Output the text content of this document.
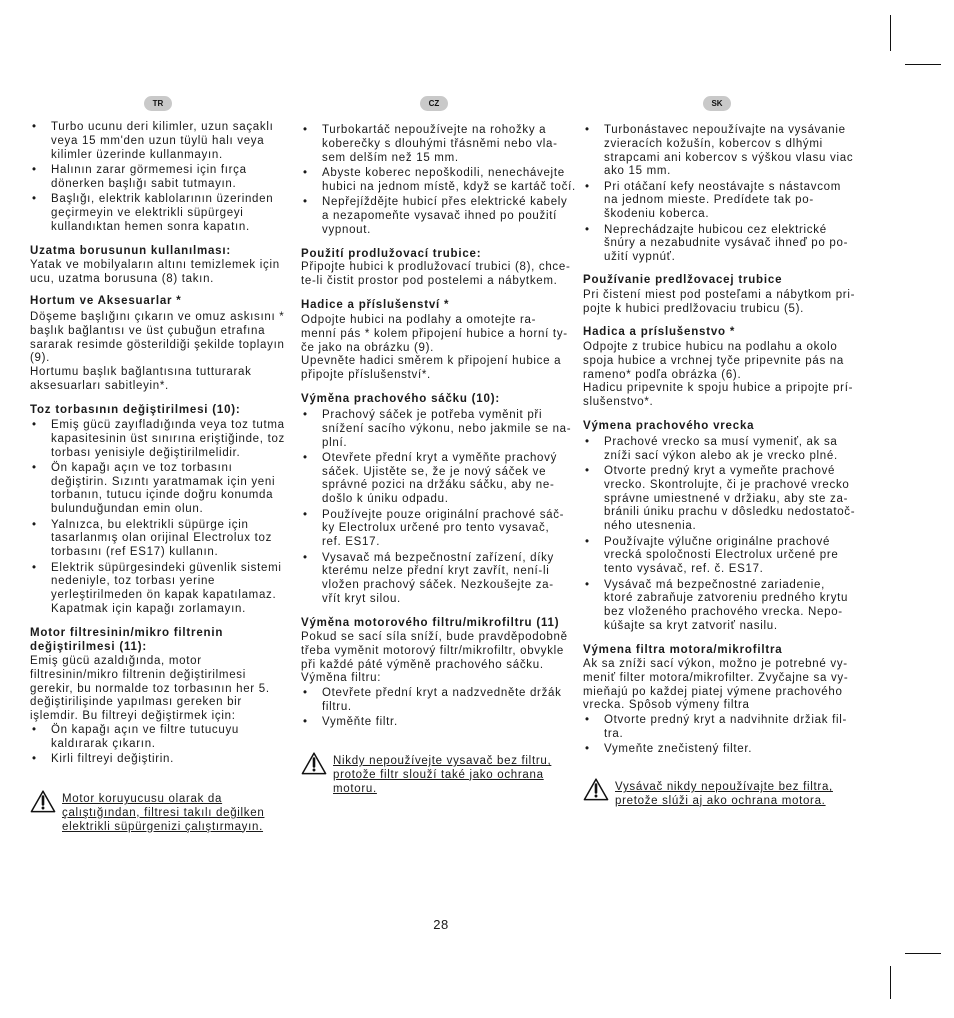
28
TR
• Turbo ucunu deri kilimler, uzun saçaklı
veya 15 mm'den uzun tüylü halı veya
kilimler üzerinde kullanmayın.
• Halının zarar görmemesi için fırça
dönerken başlığı sabit tutmayın.
• Başlığı, elektrik kablolarının üzerinden
geçirmeyin ve elektrikli süpürgeyi
kullandıktan hemen sonra kapatın.
Uzatma borusunun kullanılması:
Yatak ve mobilyaların altını temizlemek için
ucu, uzatma borusuna (8) takın.
Hortum ve Aksesuarlar *
Döşeme başlığını çıkarın ve omuz askısını *
başlık bağlantısı ve üst çubuğun etrafına
sararak resimde gösterildiği şekilde toplayın
(9).
Hortumu başlık bağlantısına tutturarak
aksesuarları sabitleyin*.
Toz torbasının değiştirilmesi (10):
• Emiş gücü zayıfladığında veya toz tutma
kapasitesinin üst sınırına eriştiğinde, toz
torbası yenisiyle değiştirilmelidir.
• Ön kapağı açın ve toz torbasını
değiştirin. Sızıntı yaratmamak için yeni
torbanın, tutucu içinde doğru konumda
bulunduğundan emin olun.
• Yalnızca, bu elektrikli süpürge için
tasarlanmış olan orijinal Electrolux toz
torbasını (ref ES17) kullanın.
• Elektrik süpürgesindeki güvenlik sistemi
nedeniyle, toz torbası yerine
yerleştirilmeden ön kapak kapatılamaz.
Kapatmak için kapağı zorlamayın.
Motor filtresinin/mikro filtrenin
değiştirilmesi (11):
Emiş gücü azaldığında, motor
filtresinin/mikro filtrenin değiştirilmesi
gerekir, bu normalde toz torbasının her 5.
değiştirilişinde yapılması gereken bir
işlemdir. Bu filtreyi değiştirmek için:
• Ön kapağı açın ve filtre tutucuyu
kaldırarak çıkarın.
• Kirli filtreyi değiştirin.
Motor koruyucusu olarak da
çalıştığından, filtresi takılı değilken
elektrikli süpürgenizi çalıştırmayın.
CZ
• Turbokartáč nepoužívejte na rohožky a
koberečky s dlouhými třásněmi nebo vla-
sem delším než 15 mm.
• Abyste koberec nepoškodili, nenechávejte
hubici na jednom místě, když se kartáč točí.
• Nepřejíždějte hubicí přes elektrické kabely
a nezapomeňte vysavač ihned po použití
vypnout.
Použití prodlužovací trubice:
Připojte hubici k prodlužovací trubici (8), chce-
te-li čistit prostor pod postelemi a nábytkem.
Hadice a příslušenství *
Odpojte hubici na podlahy a omotejte ra-
menní pás * kolem připojení hubice a horní ty-
če jako na obrázku (9).
Upevněte hadici směrem k připojení hubice a
připojte příslušenství*.
Výměna prachového sáčku (10):
• Prachový sáček je potřeba vyměnit při
snížení sacího výkonu, nebo jakmile se na-
plní.
• Otevřete přední kryt a vyměňte prachový
sáček. Ujistěte se, že je nový sáček ve
správné pozici na držáku sáčku, aby ne-
došlo k úniku odpadu.
• Používejte pouze originální prachové sáč-
ky Electrolux určené pro tento vysavač,
ref. ES17.
• Vysavač má bezpečnostní zařízení, díky
kterému nelze přední kryt zavřít, není-li
vložen prachový sáček. Nezkoušejte za-
vřít kryt silou.
Výměna motorového filtru/mikrofiltru (11)
Pokud se sací síla sníží, bude pravděpodobně
třeba vyměnit motorový filtr/mikrofiltr, obvykle
při každé páté výměně prachového sáčku.
Výměna filtru:
• Otevřete přední kryt a nadzvedněte držák
filtru.
• Vyměňte filtr.
Nikdy nepoužívejte vysavač bez filtru,
protože filtr slouží také jako ochrana
motoru.
SK
• Turbonástavec nepoužívajte na vysávanie
zvieracích kožušín, kobercov s dlhými
strapcami ani kobercov s výškou vlasu viac
ako 15 mm.
• Pri otáčaní kefy neostávajte s nástavcom
na jednom mieste. Predídete tak po-
škodeniu koberca.
• Neprechádzajte hubicou cez elektrické
šnúry a nezabudnite vysávač ihneď po po-
užití vypnúť.
Používanie predlžovacej trubice
Pri čistení miest pod posteľami a nábytkom pri-
pojte k hubici predlžovaciu trubicu (5).
Hadica a príslušenstvo *
Odpojte z trubice hubicu na podlahu a okolo
spoja hubice a vrchnej tyče pripevnite pás na
rameno* podľa obrázka (6).
Hadicu pripevnite k spoju hubice a pripojte prí-
slušenstvo*.
Výmena prachového vrecka
• Prachové vrecko sa musí vymeniť, ak sa
zníži sací výkon alebo ak je vrecko plné.
• Otvorte predný kryt a vymeňte prachové
vrecko. Skontrolujte, či je prachové vrecko
správne umiestnené v držiaku, aby ste za-
bránili úniku prachu v dôsledku nedostatoč-
ného utesnenia.
• Používajte výlučne originálne prachové
vrecká spoločnosti Electrolux určené pre
tento vysávač, ref. č. ES17.
• Vysávač má bezpečnostné zariadenie,
ktoré zabraňuje zatvoreniu predného krytu
bez vloženého prachového vrecka. Nepo-
kúšajte sa kryt zatvoriť nasilu.
Výmena filtra motora/mikrofiltra
Ak sa zníži sací výkon, možno je potrebné vy-
meniť filter motora/mikrofilter. Zvyčajne sa vy-
mieňajú po každej piatej výmene prachového
vrecka. Spôsob výmeny filtra
• Otvorte predný kryt a nadvihnite držiak fil-
tra.
• Vymeňte znečistený filter.
Vysávač nikdy nepoužívajte bez filtra,
pretože slúži aj ako ochrana motora.
